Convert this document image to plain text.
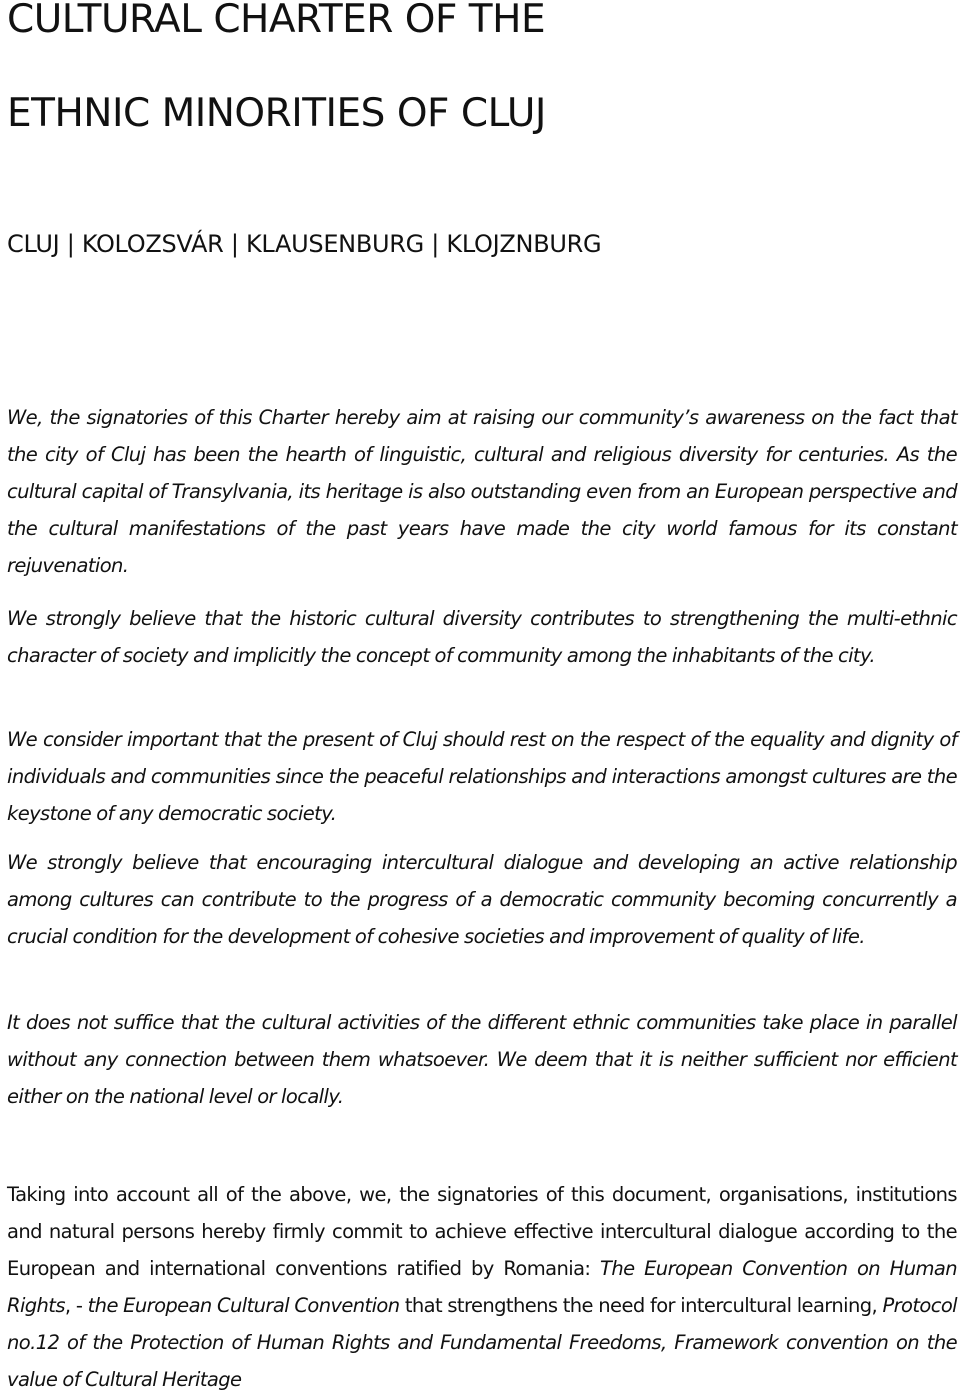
CULTURAL CHARTER OF THE
ETHNIC MINORITIES OF CLUJ

CLUJ | KOLOZSVÁR | KLAUSENBURG | KLOJZNBURG

We, the signatories of this Charter hereby aim at raising our community’s awareness on the fact that the city of Cluj has been the hearth of linguistic, cultural and religious diversity for centuries. As the cultural capital of Transylvania, its heritage is also outstanding even from an European perspective and the cultural manifestations of the past years have made the city world famous for its constant rejuvenation.

We strongly believe that the historic cultural diversity contributes to strengthening the multi-ethnic character of society and implicitly the concept of community among the inhabitants of the city.

We consider important that the present of Cluj should rest on the respect of the equality and dignity of individuals and communities since the peaceful relationships and interactions amongst cultures are the keystone of any democratic society.

We strongly believe that encouraging intercultural dialogue and developing an active relationship among cultures can contribute to the progress of a democratic community becoming concurrently a crucial condition for the development of cohesive societies and improvement of quality of life.

It does not suffice that the cultural activities of the different ethnic communities take place in parallel without any connection between them whatsoever. We deem that it is neither sufficient nor efficient either on the national level or locally.

Taking into account all of the above, we, the signatories of this document, organisations, institutions and natural persons hereby firmly commit to achieve effective intercultural dialogue according to the European and international conventions ratified by Romania: The European Convention on Human Rights, - the European Cultural Convention that strengthens the need for intercultural learning, Protocol no.12 of the Protection of Human Rights and Fundamental Freedoms, Framework convention on the value of Cultural Heritage
